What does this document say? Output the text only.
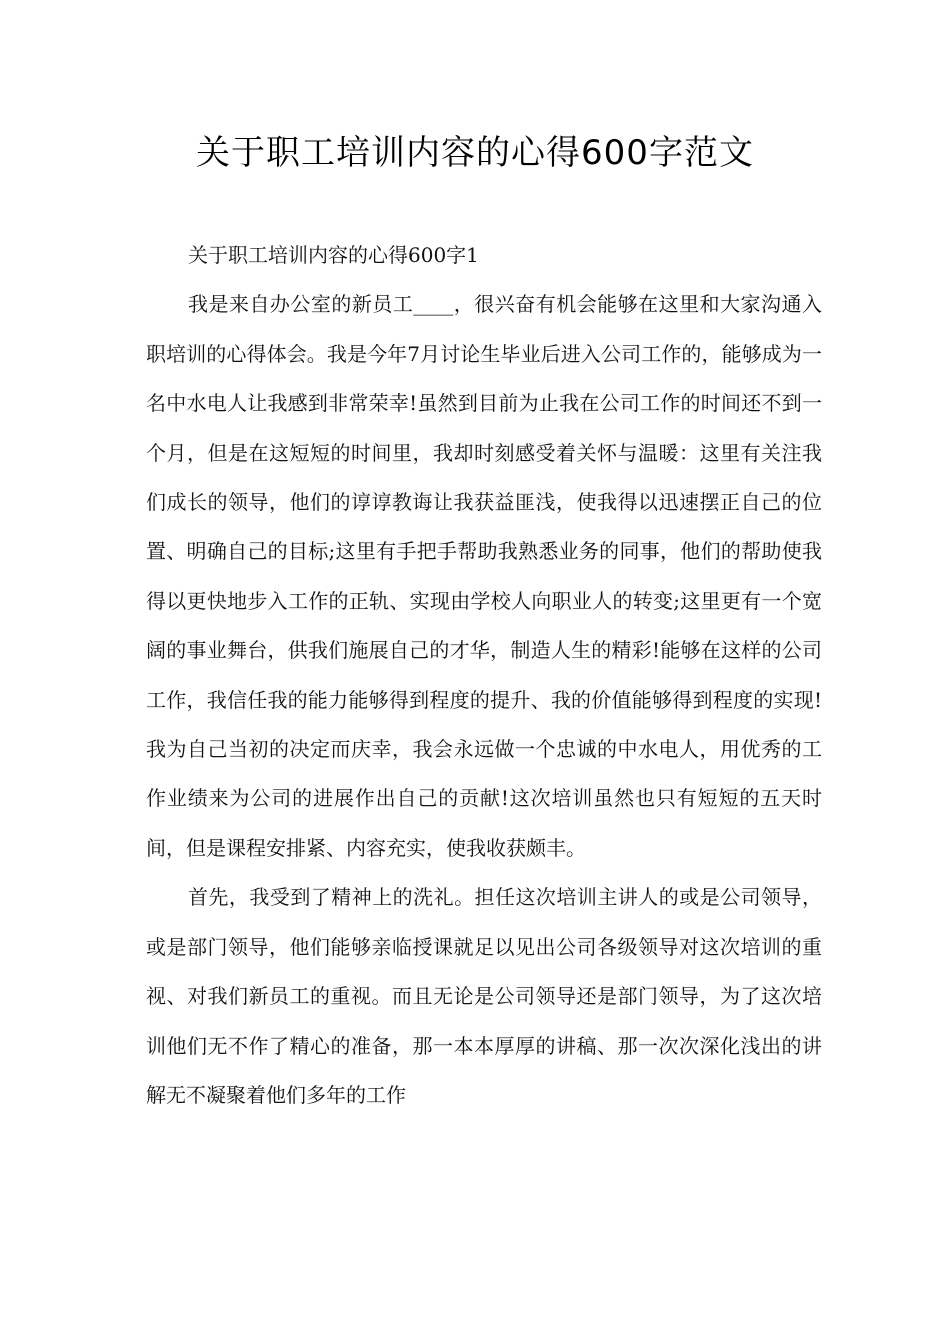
关于职工培训内容的心得600字范文

关于职工培训内容的心得600字1

我是来自办公室的新员工____，很兴奋有机会能够在这里和大家沟通入职培训的心得体会。我是今年7月讨论生毕业后进入公司工作的，能够成为一名中水电人让我感到非常荣幸!虽然到目前为止我在公司工作的时间还不到一个月，但是在这短短的时间里，我却时刻感受着关怀与温暖：这里有关注我们成长的领导，他们的谆谆教诲让我获益匪浅，使我得以迅速摆正自己的位置、明确自己的目标;这里有手把手帮助我熟悉业务的同事，他们的帮助使我得以更快地步入工作的正轨、实现由学校人向职业人的转变;这里更有一个宽阔的事业舞台，供我们施展自己的才华，制造人生的精彩!能够在这样的公司工作，我信任我的能力能够得到程度的提升、我的价值能够得到程度的实现!我为自己当初的决定而庆幸，我会永远做一个忠诚的中水电人，用优秀的工作业绩来为公司的进展作出自己的贡献!这次培训虽然也只有短短的五天时间，但是课程安排紧、内容充实，使我收获颇丰。

首先，我受到了精神上的洗礼。担任这次培训主讲人的或是公司领导，或是部门领导，他们能够亲临授课就足以见出公司各级领导对这次培训的重视、对我们新员工的重视。而且无论是公司领导还是部门领导，为了这次培训他们无不作了精心的准备，那一本本厚厚的讲稿、那一次次深化浅出的讲解无不凝聚着他们多年的工作
